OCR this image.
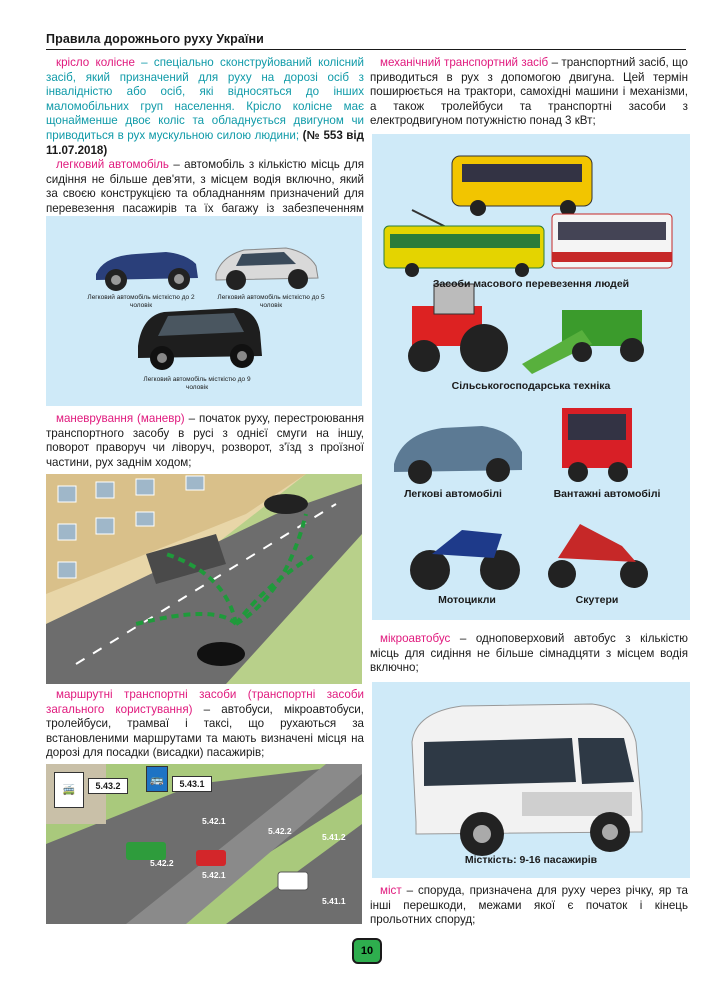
Правила дорожнього руху України

крісло колісне – спеціально сконструйований колісний засіб, який призначений для руху на дорозі осіб з інвалідністю або осіб, які відносяться до інших маломобільних груп населення. Крісло колісне має щонайменше двоє коліс та обладнується двигуном чи приводиться в рух мускульною силою людини; (№ 553 від 11.07.2018)

легковий автомобіль – автомобіль з кількістю місць для сидіння не більше дев'яти, з місцем водія включно, який за своєю конструкцією та обладнанням призначений для перевезення пасажирів та їх багажу із забезпеченням

Легковий автомобіль місткістю до 2 чоловік
Легковий автомобіль місткістю до 5 чоловік
Легковий автомобіль місткістю до 9 чоловік

маневрування (маневр) – початок руху, перестроювання транспортного засобу в русі з однієї смуги на іншу, поворот праворуч чи ліворуч, розворот, з'їзд з проїзної частини, рух заднім ходом;

маршрутні транспортні засоби (транспортні засоби загального користування) – автобуси, мікроавтобуси, тролейбуси, трамваї і таксі, що рухаються за встановленими маршрутами та мають визначені місця на дорозі для посадки (висадки) пасажирів;

🚎	5.43.2
🚌	5.43.1
5.42.1
5.42.2
5.42.2
5.42.1
5.41.2
5.41.1

механічний транспортний засіб – транспортний засіб, що приводиться в рух з допомогою двигуна. Цей термін поширюється на трактори, самохідні машини і механізми, а також тролейбуси та транспортні засоби з електродвигуном потужністю понад 3 кВт;

Засоби масового перевезення людей
Сільськогосподарська техніка
Легкові автомобілі	Вантажні автомобілі
Мотоцикли	Скутери

мікроавтобус – одноповерховий автобус з кількістю місць для сидіння не більше сімнадцяти з місцем водія включно;

Місткість: 9-16 пасажирів

міст – споруда, призначена для руху через річку, яр та інші перешкоди, межами якої є початок і кінець прольотних споруд;

10
